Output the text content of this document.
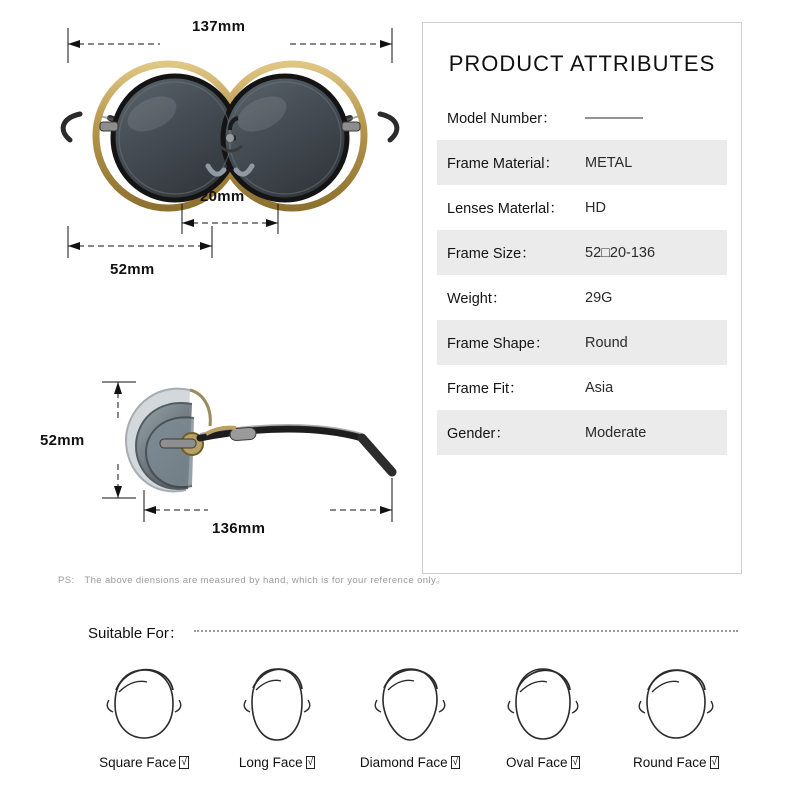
137mm
20mm
52mm
52mm
136mm
PRODUCT ATTRIBUTES
Model Number：	————
Frame Material：	METAL
Lenses Materlal：	HD
Frame Size：	52□20-136
Weight：	29G
Frame Shape：	Round
Frame Fit：	Asia
Gender：	Moderate
PS: The above diensions are measured by hand, which is for your reference only。
Suitable For：
Square Face √	Long Face √	Diamond Face √	Oval Face √	Round Face √
